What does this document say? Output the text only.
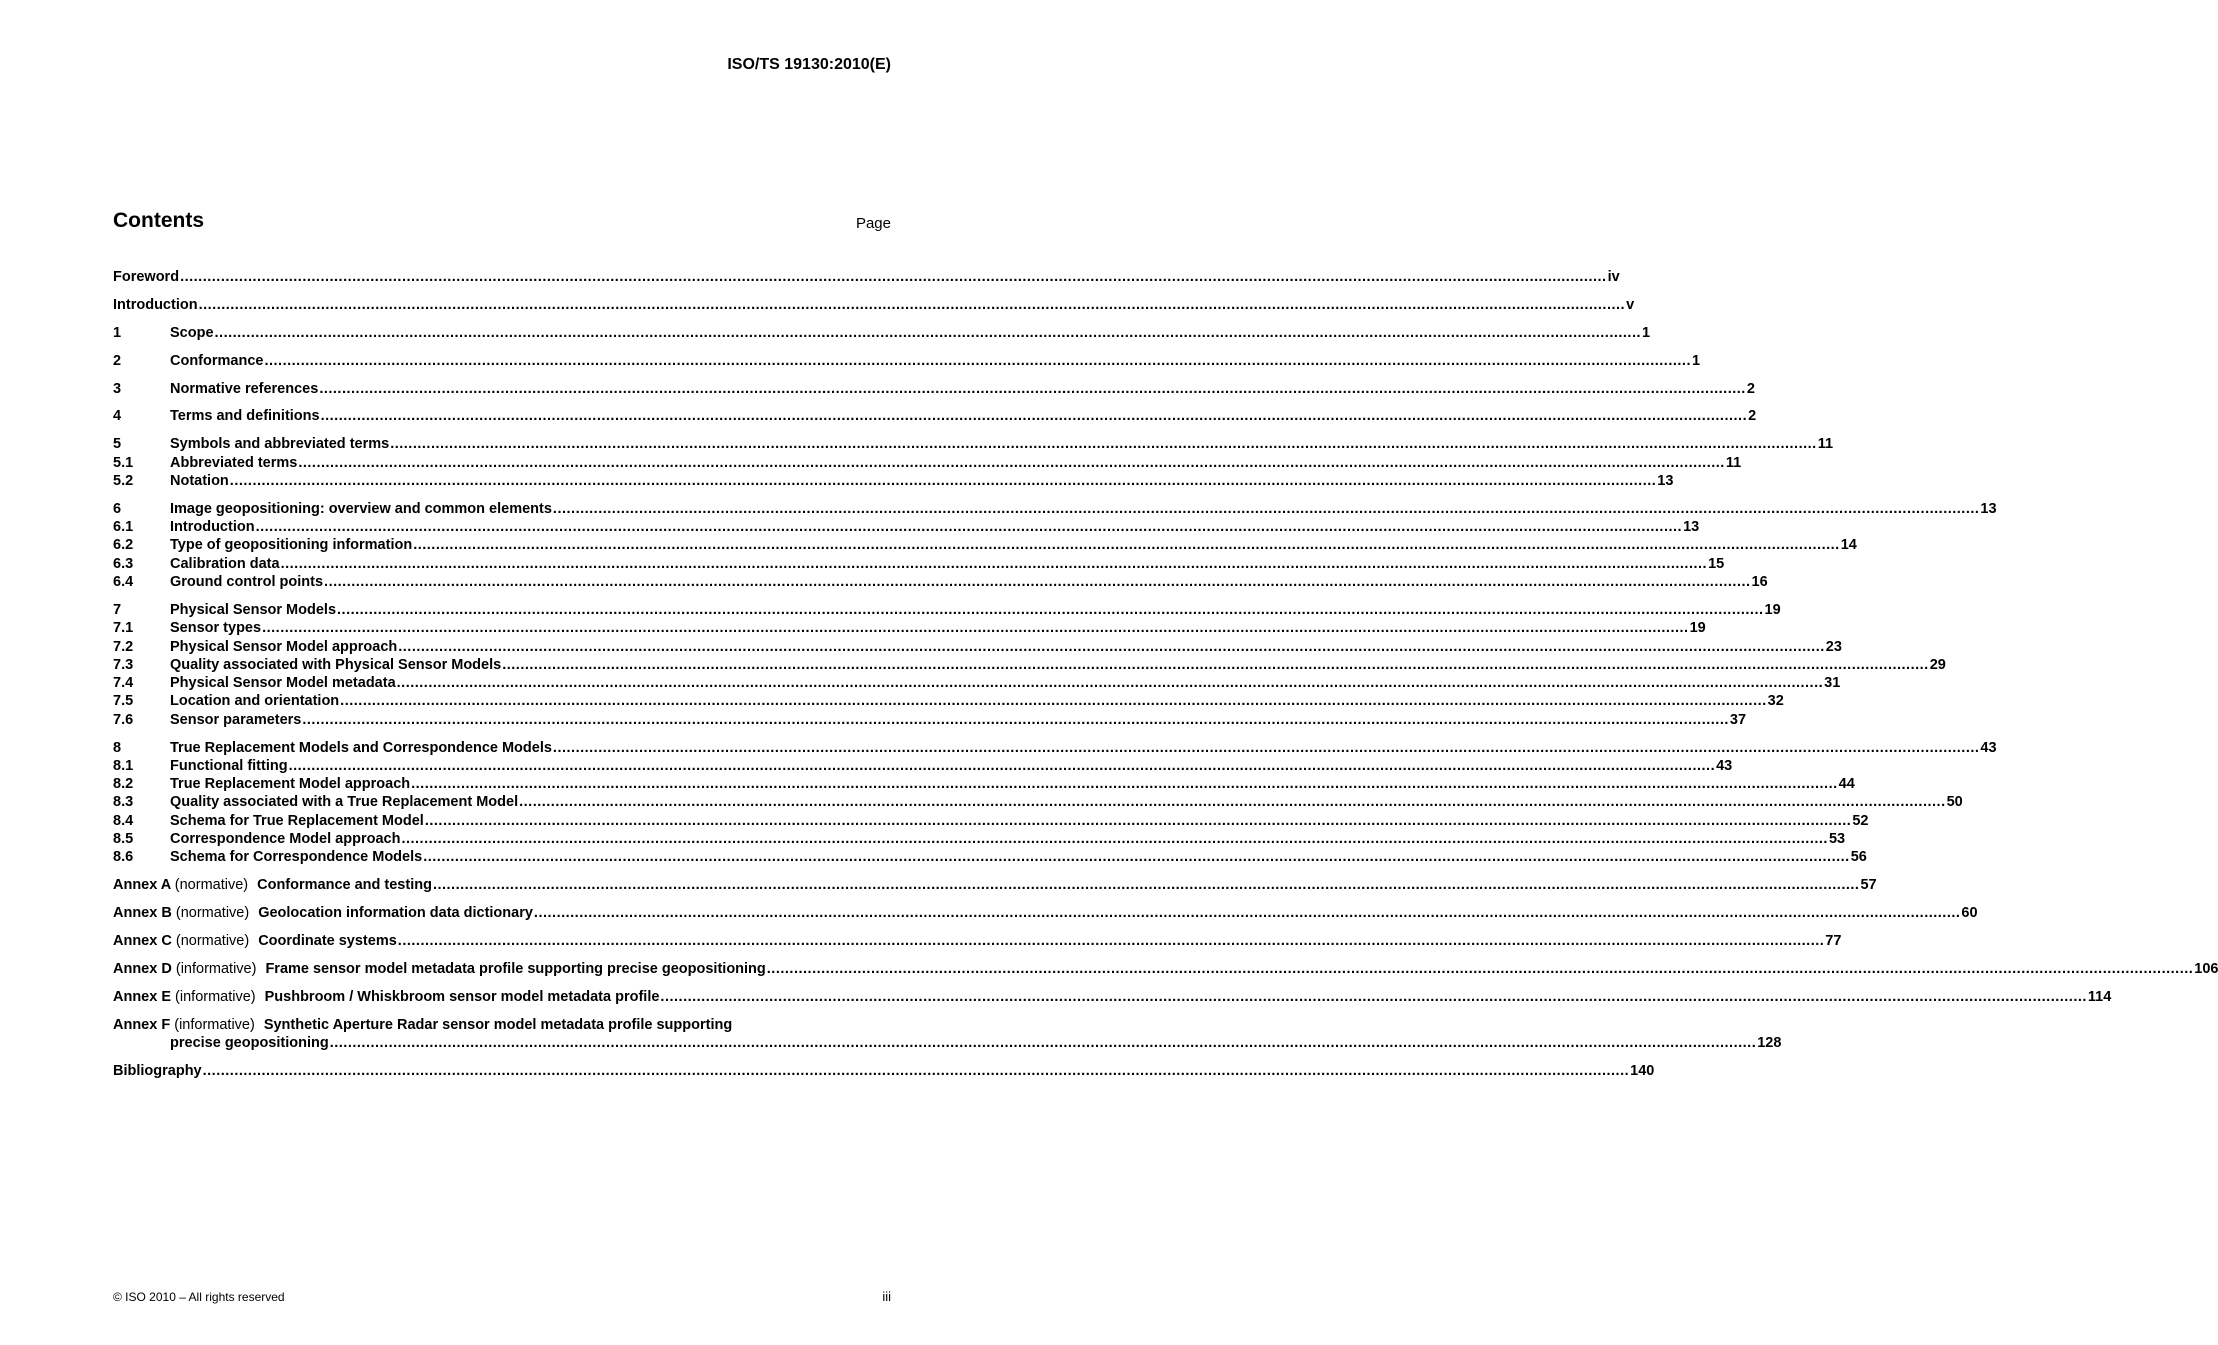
ISO/TS 19130:2010(E)
Contents	Page
Foreword .....	iv
Introduction .....	v
1	Scope .....	1
2	Conformance .....	1
3	Normative references .....	2
4	Terms and definitions .....	2
5	Symbols and abbreviated terms .....	11
5.1	Abbreviated terms .....	11
5.2	Notation .....	13
6	Image geopositioning: overview and common elements .....	13
6.1	Introduction .....	13
6.2	Type of geopositioning information .....	14
6.3	Calibration data .....	15
6.4	Ground control points .....	16
7	Physical Sensor Models .....	19
7.1	Sensor types .....	19
7.2	Physical Sensor Model approach .....	23
7.3	Quality associated with Physical Sensor Models .....	29
7.4	Physical Sensor Model metadata .....	31
7.5	Location and orientation .....	32
7.6	Sensor parameters .....	37
8	True Replacement Models and Correspondence Models .....	43
8.1	Functional fitting .....	43
8.2	True Replacement Model approach .....	44
8.3	Quality associated with a True Replacement Model .....	50
8.4	Schema for True Replacement Model .....	52
8.5	Correspondence Model approach .....	53
8.6	Schema for Correspondence Models .....	56
Annex A (normative) Conformance and testing .....	57
Annex B (normative) Geolocation information data dictionary .....	60
Annex C (normative) Coordinate systems .....	77
Annex D (informative) Frame sensor model metadata profile supporting precise geopositioning .....	106
Annex E (informative) Pushbroom / Whiskbroom sensor model metadata profile .....	114
Annex F (informative) Synthetic Aperture Radar sensor model metadata profile supporting
precise geopositioning .....	128
Bibliography .....	140
© ISO 2010 – All rights reserved	iii
